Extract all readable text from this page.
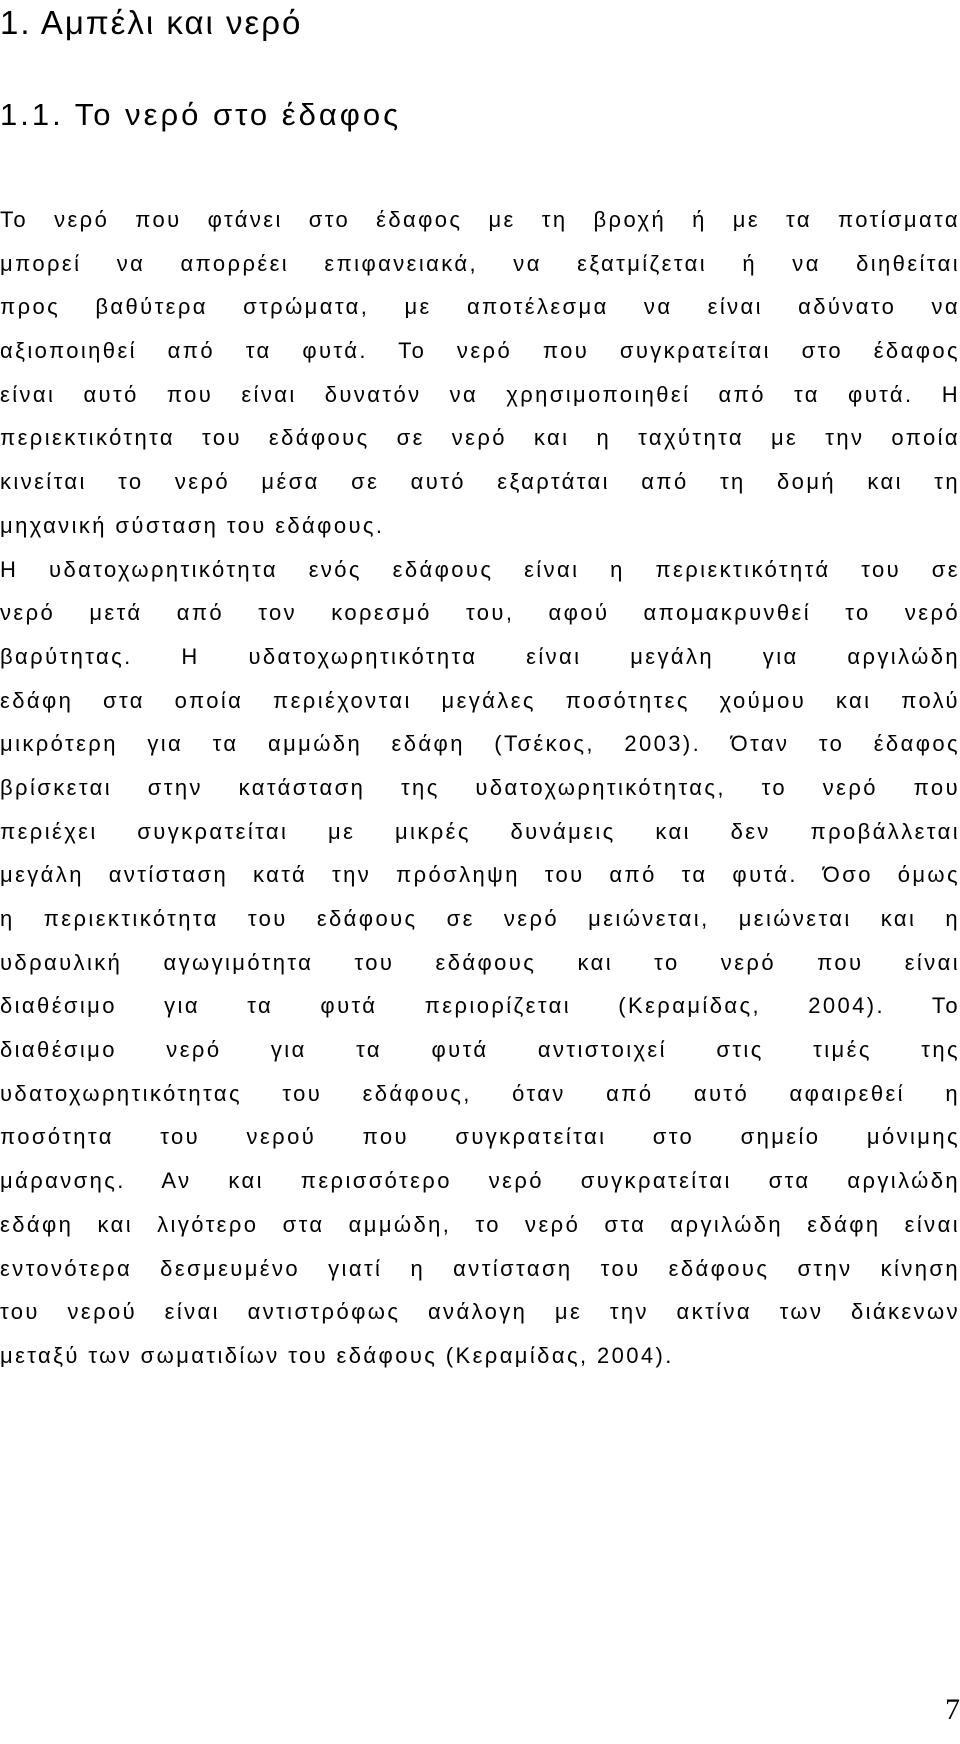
1. Αμπέλι και νερό
1.1. Το νερό στο έδαφος
Το νερό που φτάνει στο έδαφος με τη βροχή ή με τα ποτίσματα
μπορεί να απορρέει επιφανειακά, να εξατμίζεται ή να διηθείται
προς βαθύτερα στρώματα, με αποτέλεσμα να είναι αδύνατο να
αξιοποιηθεί από τα φυτά. Το νερό που συγκρατείται στο έδαφος
είναι αυτό που είναι δυνατόν να χρησιμοποιηθεί από τα φυτά. Η
περιεκτικότητα του εδάφους σε νερό και η ταχύτητα με την οποία
κινείται το νερό μέσα σε αυτό εξαρτάται από τη δομή και τη
μηχανική σύσταση του εδάφους.
Η υδατοχωρητικότητα ενός εδάφους είναι η περιεκτικότητά του σε
νερό μετά από τον κορεσμό του, αφού απομακρυνθεί το νερό
βαρύτητας. Η υδατοχωρητικότητα είναι μεγάλη για αργιλώδη
εδάφη στα οποία περιέχονται μεγάλες ποσότητες χούμου και πολύ
μικρότερη για τα αμμώδη εδάφη (Τσέκος, 2003). Όταν το έδαφος
βρίσκεται στην κατάσταση της υδατοχωρητικότητας, το νερό που
περιέχει συγκρατείται με μικρές δυνάμεις και δεν προβάλλεται
μεγάλη αντίσταση κατά την πρόσληψη του από τα φυτά. Όσο όμως
η περιεκτικότητα του εδάφους σε νερό μειώνεται, μειώνεται και η
υδραυλική αγωγιμότητα του εδάφους και το νερό που είναι
διαθέσιμο για τα φυτά περιορίζεται (Κεραμίδας, 2004). Το
διαθέσιμο νερό για τα φυτά αντιστοιχεί στις τιμές της
υδατοχωρητικότητας του εδάφους, όταν από αυτό αφαιρεθεί η
ποσότητα του νερού που συγκρατείται στο σημείο μόνιμης
μάρανσης. Αν και περισσότερο νερό συγκρατείται στα αργιλώδη
εδάφη και λιγότερο στα αμμώδη, το νερό στα αργιλώδη εδάφη είναι
εντονότερα δεσμευμένο γιατί η αντίσταση του εδάφους στην κίνηση
του νερού είναι αντιστρόφως ανάλογη με την ακτίνα των διάκενων
μεταξύ των σωματιδίων του εδάφους (Κεραμίδας, 2004).
7
